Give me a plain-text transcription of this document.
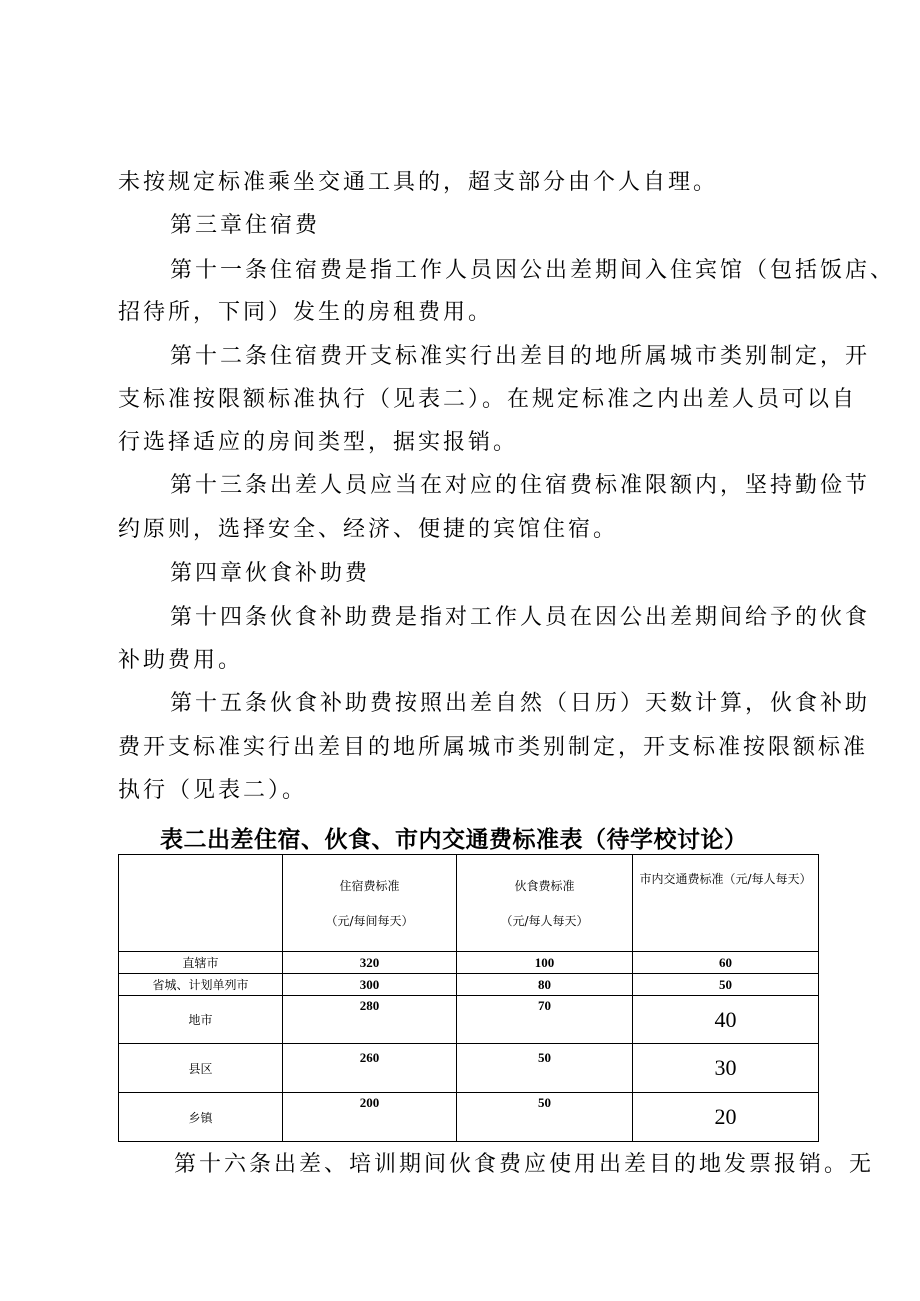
未按规定标准乘坐交通工具的，超支部分由个人自理。
第三章住宿费
第十一条住宿费是指工作人员因公出差期间入住宾馆（包括饭店、
招待所，下同）发生的房租费用。
第十二条住宿费开支标准实行出差目的地所属城市类别制定，开
支标准按限额标准执行（见表二）。在规定标准之内出差人员可以自
行选择适应的房间类型，据实报销。
第十三条出差人员应当在对应的住宿费标准限额内，坚持勤俭节
约原则，选择安全、经济、便捷的宾馆住宿。
第四章伙食补助费
第十四条伙食补助费是指对工作人员在因公出差期间给予的伙食
补助费用。
第十五条伙食补助费按照出差自然（日历）天数计算，伙食补助
费开支标准实行出差目的地所属城市类别制定，开支标准按限额标准
执行（见表二）。
表二出差住宿、伙食、市内交通费标准表（待学校讨论）

	住宿费标准
（元/每间每天）	伙食费标准
（元/每人每天）	市内交通费标准（元/每人每天）
直辖市	320	100	60
省城、计划单列市	300	80	50
地市	280	70	40
县区	260	50	30
乡镇	200	50	20
第十六条出差、培训期间伙食费应使用出差目的地发票报销。无
